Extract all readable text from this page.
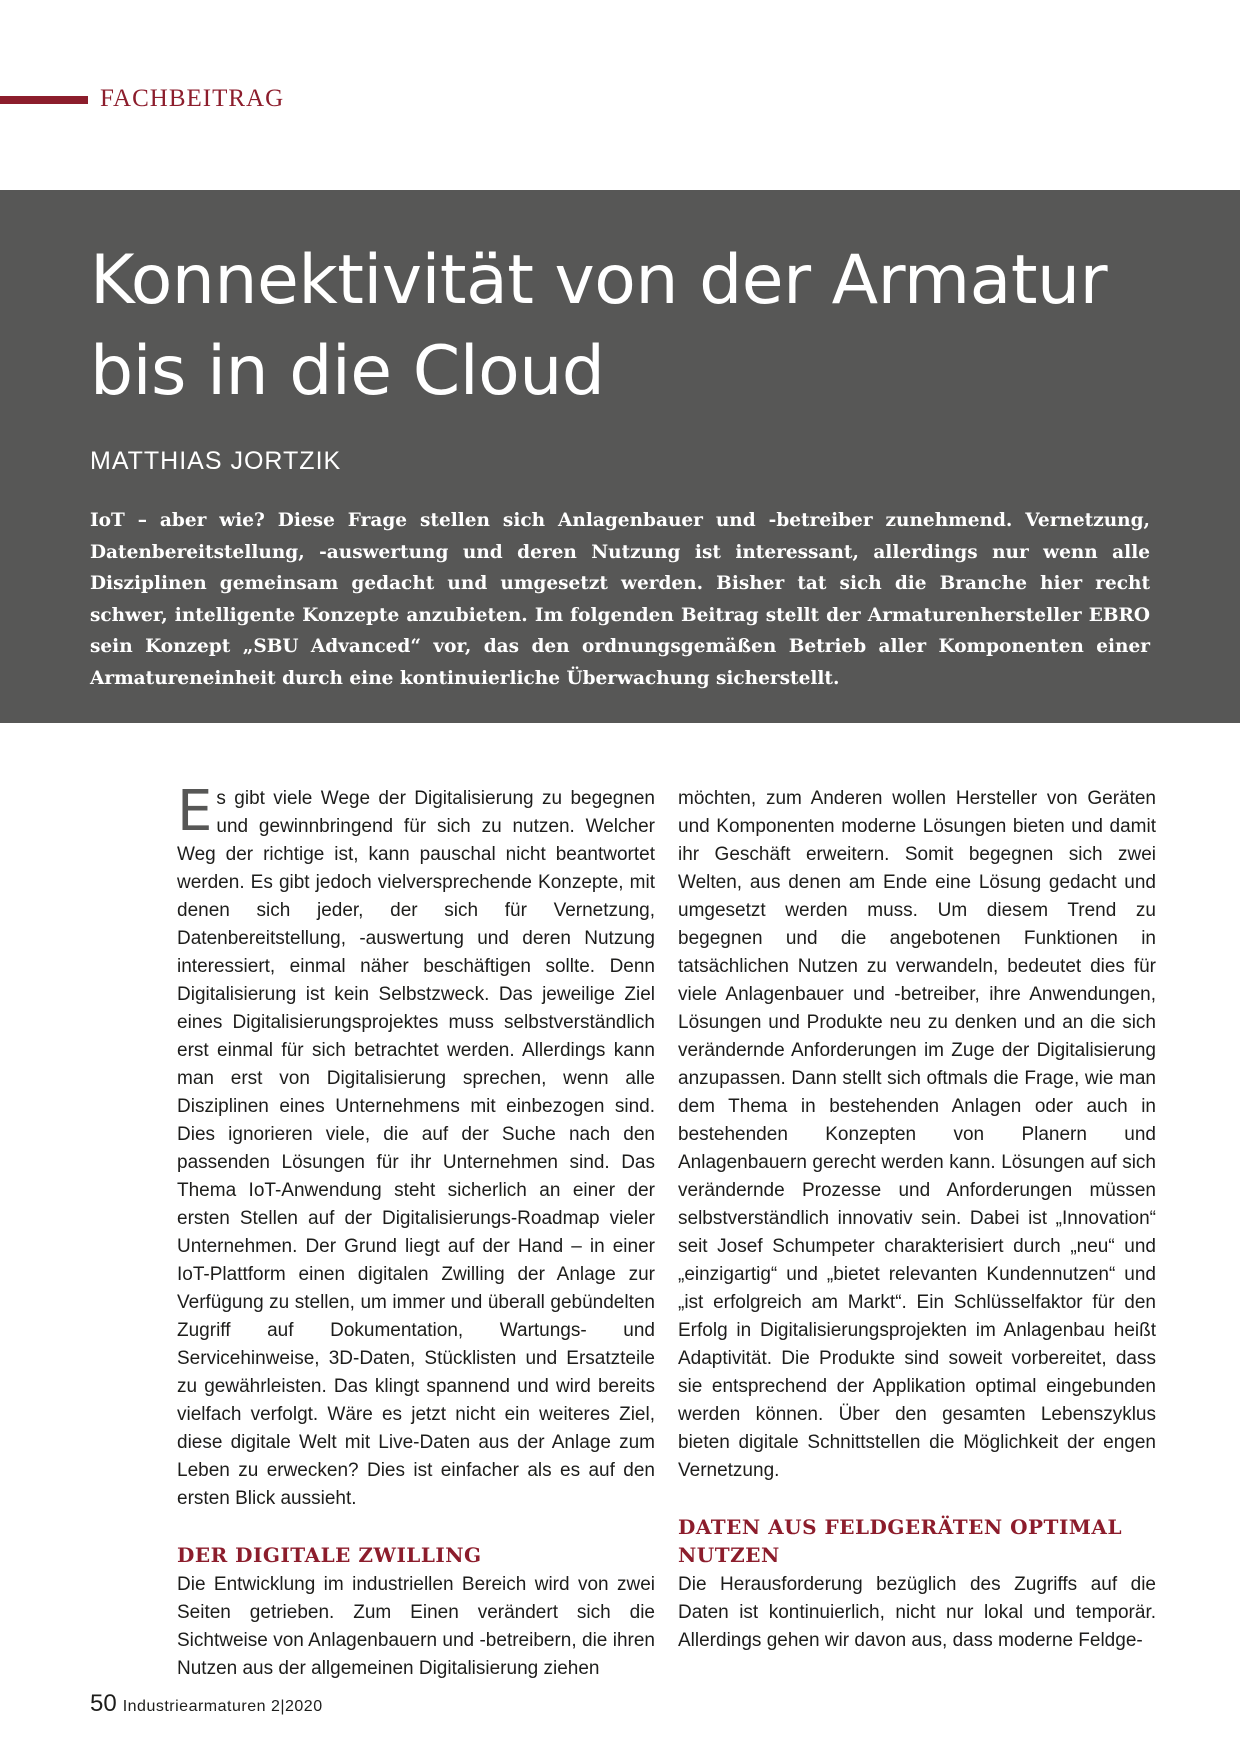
FACHBEITRAG
Konnektivität von der Armatur
bis in die Cloud
MATTHIAS JORTZIK

IoT – aber wie? Diese Frage stellen sich Anlagenbauer und -betreiber zunehmend. Vernetzung, Datenbereitstellung, -auswertung und deren Nutzung ist interessant, allerdings nur wenn alle Disziplinen gemeinsam gedacht und umgesetzt werden. Bisher tat sich die Branche hier recht schwer, intelligente Konzepte anzubieten. Im folgenden Beitrag stellt der Armaturenhersteller EBRO sein Konzept „SBU Advanced“ vor, das den ordnungsgemäßen Betrieb aller Komponenten einer Armatureneinheit durch eine kontinuierliche Überwachung sicherstellt.

Es gibt viele Wege der Digitalisierung zu begegnen und gewinnbringend für sich zu nutzen. Welcher Weg der richtige ist, kann pauschal nicht beantwortet werden. Es gibt jedoch vielversprechende Konzepte, mit denen sich jeder, der sich für Vernetzung, Datenbereitstellung, -auswertung und deren Nutzung interessiert, einmal näher beschäftigen sollte. Denn Digitalisierung ist kein Selbstzweck. Das jeweilige Ziel eines Digitalisierungsprojektes muss selbstverständlich erst einmal für sich betrachtet werden. Allerdings kann man erst von Digitalisierung sprechen, wenn alle Disziplinen eines Unternehmens mit einbezogen sind. Dies ignorieren viele, die auf der Suche nach den passenden Lösungen für ihr Unternehmen sind. Das Thema IoT-Anwendung steht sicherlich an einer der ersten Stellen auf der Digitalisierungs-Roadmap vieler Unternehmen. Der Grund liegt auf der Hand – in einer IoT-Plattform einen digitalen Zwilling der Anlage zur Verfügung zu stellen, um immer und überall gebündelten Zugriff auf Dokumentation, Wartungs- und Servicehinweise, 3D-Daten, Stücklisten und Ersatzteile zu gewährleisten. Das klingt spannend und wird bereits vielfach verfolgt. Wäre es jetzt nicht ein weiteres Ziel, diese digitale Welt mit Live-Daten aus der Anlage zum Leben zu erwecken? Dies ist einfacher als es auf den ersten Blick aussieht.

DER DIGITALE ZWILLING

Die Entwicklung im industriellen Bereich wird von zwei Seiten getrieben. Zum Einen verändert sich die Sichtweise von Anlagenbauern und -betreibern, die ihren Nutzen aus der allgemeinen Digitalisierung ziehen

möchten, zum Anderen wollen Hersteller von Geräten und Komponenten moderne Lösungen bieten und damit ihr Geschäft erweitern. Somit begegnen sich zwei Welten, aus denen am Ende eine Lösung gedacht und umgesetzt werden muss. Um diesem Trend zu begegnen und die angebotenen Funktionen in tatsächlichen Nutzen zu verwandeln, bedeutet dies für viele Anlagenbauer und -betreiber, ihre Anwendungen, Lösungen und Produkte neu zu denken und an die sich verändernde Anforderungen im Zuge der Digitalisierung anzupassen. Dann stellt sich oftmals die Frage, wie man dem Thema in bestehenden Anlagen oder auch in bestehenden Konzepten von Planern und Anlagenbauern gerecht werden kann. Lösungen auf sich verändernde Prozesse und Anforderungen müssen selbstverständlich innovativ sein. Dabei ist „Innovation“ seit Josef Schumpeter charakterisiert durch „neu“ und „einzigartig“ und „bietet relevanten Kundennutzen“ und „ist erfolgreich am Markt“. Ein Schlüsselfaktor für den Erfolg in Digitalisierungsprojekten im Anlagenbau heißt Adaptivität. Die Produkte sind soweit vorbereitet, dass sie entsprechend der Applikation optimal eingebunden werden können. Über den gesamten Lebenszyklus bieten digitale Schnittstellen die Möglichkeit der engen Vernetzung.

DATEN AUS FELDGERÄTEN OPTIMAL NUTZEN

Die Herausforderung bezüglich des Zugriffs auf die Daten ist kontinuierlich, nicht nur lokal und temporär. Allerdings gehen wir davon aus, dass moderne Feldge-

50 Industriearmaturen 2|2020
